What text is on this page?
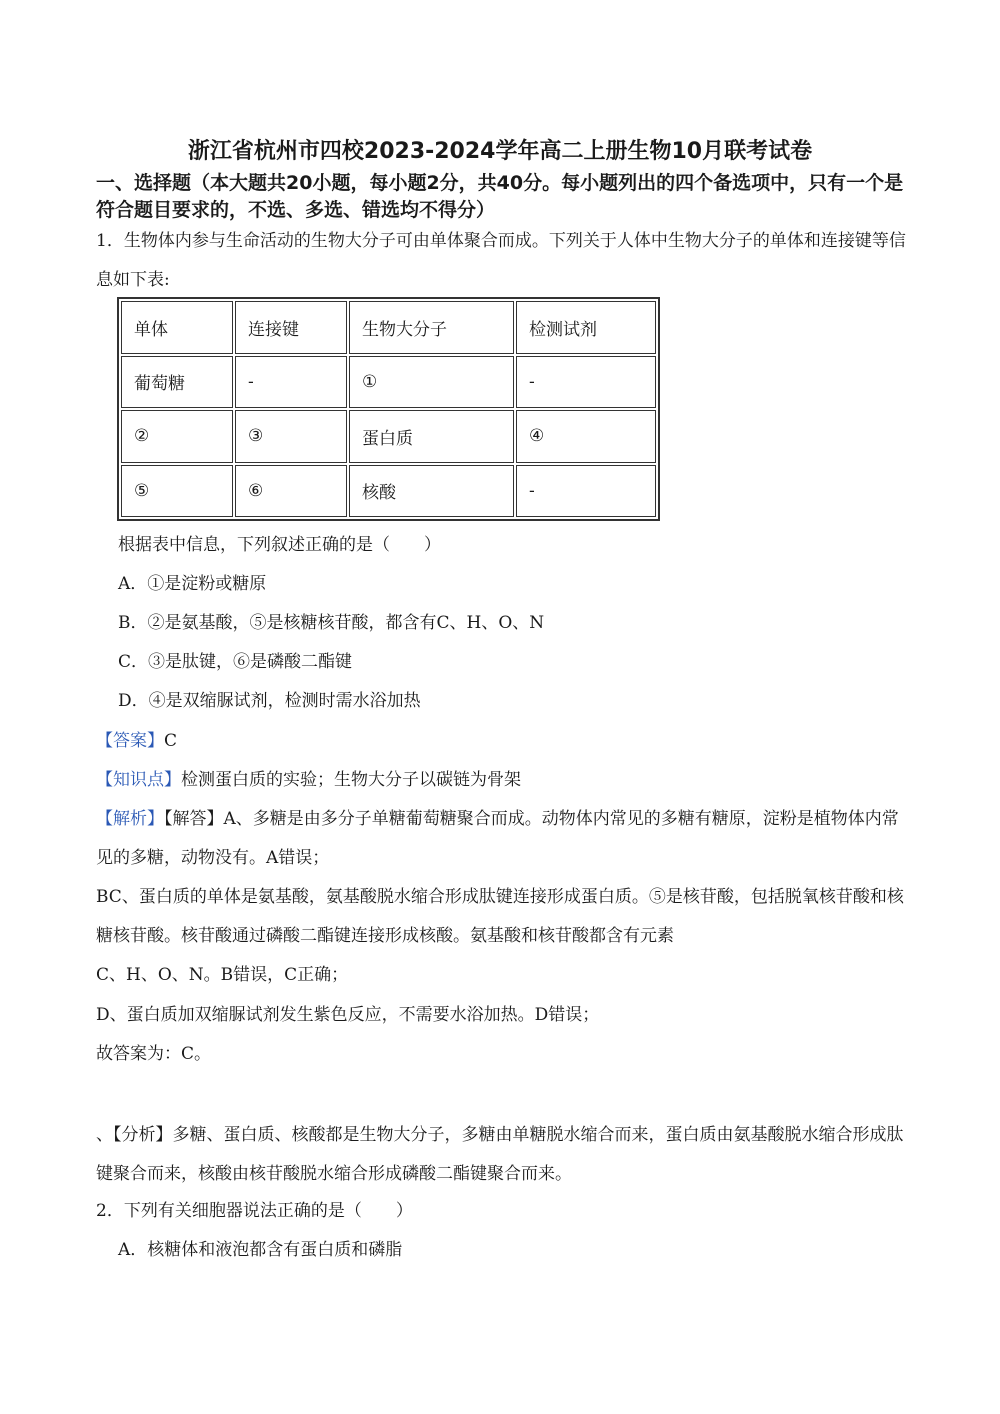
浙江省杭州市四校2023-2024学年高二上册生物10月联考试卷
一、选择题（本大题共20小题，每小题2分，共40分。每小题列出的四个备选项中，只有一个是符合题目要求的，不选、多选、错选均不得分）
1．生物体内参与生命活动的生物大分子可由单体聚合而成。下列关于人体中生物大分子的单体和连接键等信息如下表:
单体	连接键	生物大分子	检测试剂
葡萄糖	-	①	-
②	③	蛋白质	④
⑤	⑥	核酸	-
根据表中信息，下列叙述正确的是（　　）
A．①是淀粉或糖原
B．②是氨基酸，⑤是核糖核苷酸，都含有C、H、O、N
C．③是肽键，⑥是磷酸二酯键
D．④是双缩脲试剂，检测时需水浴加热
【答案】C
【知识点】检测蛋白质的实验；生物大分子以碳链为骨架
【解析】【解答】A、多糖是由多分子单糖葡萄糖聚合而成。动物体内常见的多糖有糖原，淀粉是植物体内常见的多糖，动物没有。A错误；
BC、蛋白质的单体是氨基酸，氨基酸脱水缩合形成肽键连接形成蛋白质。⑤是核苷酸，包括脱氧核苷酸和核糖核苷酸。核苷酸通过磷酸二酯键连接形成核酸。氨基酸和核苷酸都含有元素
C、H、O、N。B错误，C正确；
D、蛋白质加双缩脲试剂发生紫色反应，不需要水浴加热。D错误；
故答案为：C。
、【分析】多糖、蛋白质、核酸都是生物大分子，多糖由单糖脱水缩合而来，蛋白质由氨基酸脱水缩合形成肽键聚合而来，核酸由核苷酸脱水缩合形成磷酸二酯键聚合而来。
2．下列有关细胞器说法正确的是（　　）
A．核糖体和液泡都含有蛋白质和磷脂
